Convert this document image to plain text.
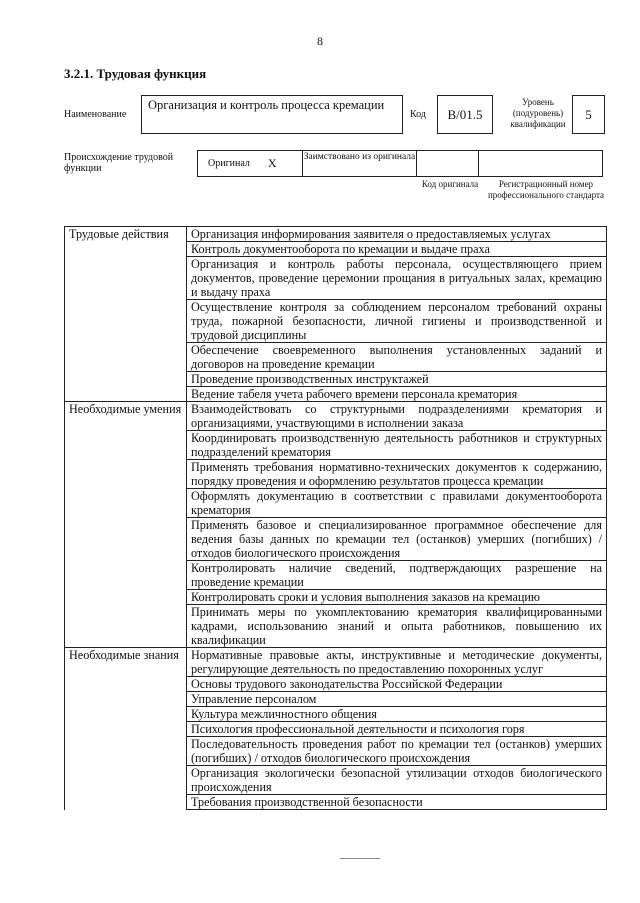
8
3.2.1. Трудовая функция
Наименование
Организация и контроль процесса кремации
Код	B/01.5
Уровень (подуровень) квалификации
5
Происхождение трудовой функции	Оригинал X	Заимствовано из оригинала
Код оригинала	Регистрационный номер профессионального стандарта
Трудовые действия	Организация информирования заявителя о предоставляемых услугах
	Контроль документооборота по кремации и выдаче праха
	Организация и контроль работы персонала, осуществляющего прием документов, проведение церемонии прощания в ритуальных залах, кремацию и выдачу праха
	Осуществление контроля за соблюдением персоналом требований охраны труда, пожарной безопасности, личной гигиены и производственной и трудовой дисциплины
	Обеспечение своевременного выполнения установленных заданий и договоров на проведение кремации
	Проведение производственных инструктажей
	Ведение табеля учета рабочего времени персонала крематория
Необходимые умения	Взаимодействовать со структурными подразделениями крематория и организациями, участвующими в исполнении заказа
	Координировать производственную деятельность работников и структурных подразделений крематория
	Применять требования нормативно-технических документов к содержанию, порядку проведения и оформлению результатов процесса кремации
	Оформлять документацию в соответствии с правилами документооборота крематория
	Применять базовое и специализированное программное обеспечение для ведения базы данных по кремации тел (останков) умерших (погибших) / отходов биологического происхождения
	Контролировать наличие сведений, подтверждающих разрешение на проведение кремации
	Контролировать сроки и условия выполнения заказов на кремацию
	Принимать меры по укомплектованию крематория квалифицированными кадрами, использованию знаний и опыта работников, повышению их квалификации
Необходимые знания	Нормативные правовые акты, инструктивные и методические документы, регулирующие деятельность по предоставлению похоронных услуг
	Основы трудового законодательства Российской Федерации
	Управление персоналом
	Культура межличностного общения
	Психология профессиональной деятельности и психология горя
	Последовательность проведения работ по кремации тел (останков) умерших (погибших) / отходов биологического происхождения
	Организация экологически безопасной утилизации отходов биологического происхождения
	Требования производственной безопасности
